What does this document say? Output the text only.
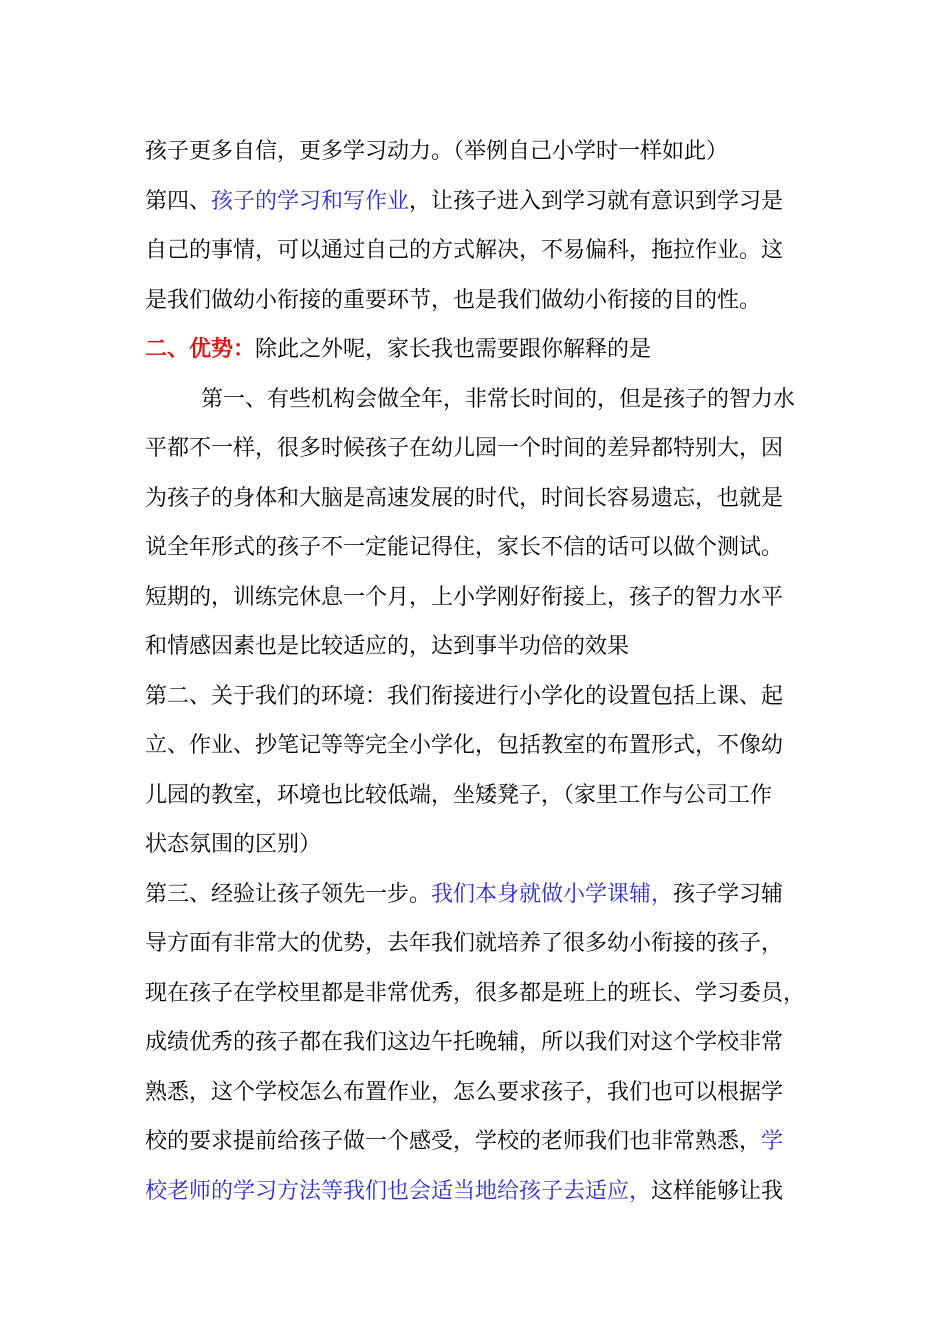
孩子更多自信，更多学习动力。（举例自己小学时一样如此）
第四、孩子的学习和写作业，让孩子进入到学习就有意识到学习是
自己的事情，可以通过自己的方式解决，不易偏科，拖拉作业。这
是我们做幼小衔接的重要环节，也是我们做幼小衔接的目的性。
二、优势：除此之外呢，家长我也需要跟你解释的是
第一、有些机构会做全年，非常长时间的，但是孩子的智力水
平都不一样，很多时候孩子在幼儿园一个时间的差异都特别大，因
为孩子的身体和大脑是高速发展的时代，时间长容易遗忘，也就是
说全年形式的孩子不一定能记得住，家长不信的话可以做个测试。
短期的，训练完休息一个月，上小学刚好衔接上，孩子的智力水平
和情感因素也是比较适应的，达到事半功倍的效果
第二、关于我们的环境：我们衔接进行小学化的设置包括上课、起
立、作业、抄笔记等等完全小学化，包括教室的布置形式，不像幼
儿园的教室，环境也比较低端，坐矮凳子，（家里工作与公司工作
状态氛围的区别）
第三、经验让孩子领先一步。我们本身就做小学课辅，孩子学习辅
导方面有非常大的优势，去年我们就培养了很多幼小衔接的孩子，
现在孩子在学校里都是非常优秀，很多都是班上的班长、学习委员，
成绩优秀的孩子都在我们这边午托晚辅，所以我们对这个学校非常
熟悉，这个学校怎么布置作业，怎么要求孩子，我们也可以根据学
校的要求提前给孩子做一个感受，学校的老师我们也非常熟悉，学
校老师的学习方法等我们也会适当地给孩子去适应，这样能够让我
